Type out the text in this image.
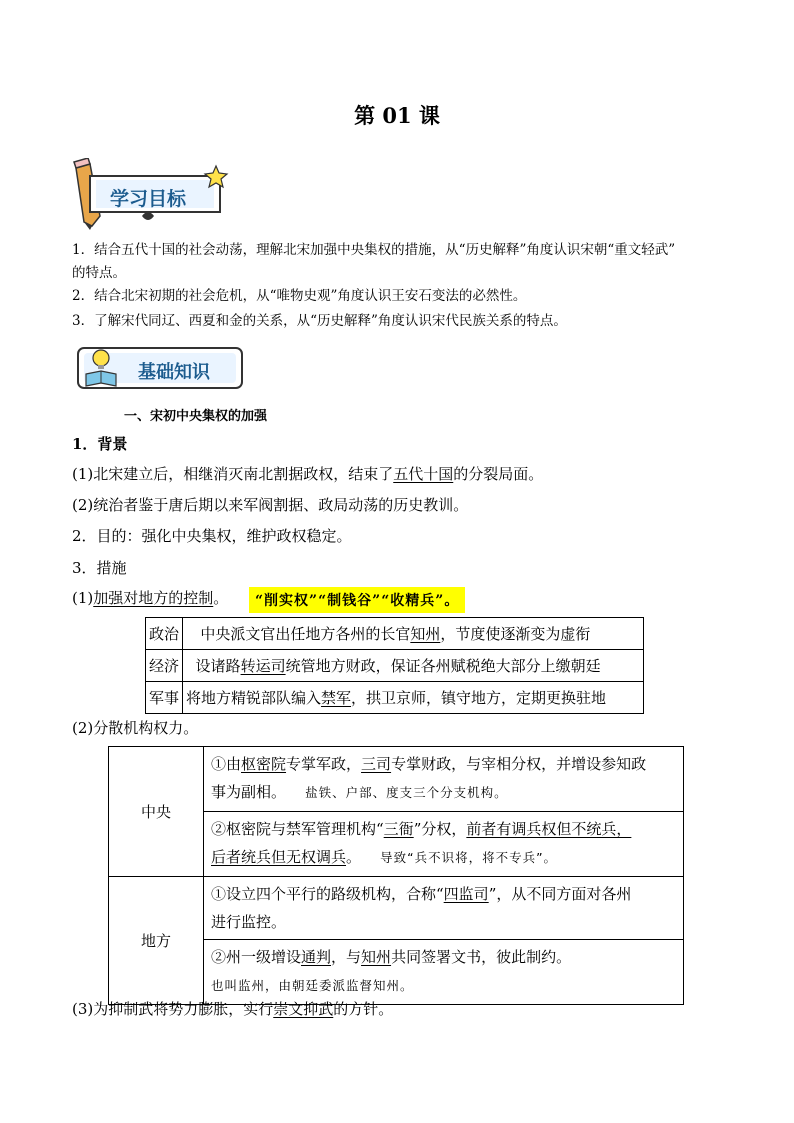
第 01 课
学习目标
1．结合五代十国的社会动荡，理解北宋加强中央集权的措施，从“历史解释”角度认识宋朝“重文轻武”
的特点。
2．结合北宋初期的社会危机，从“唯物史观”角度认识王安石变法的必然性。
3．了解宋代同辽、西夏和金的关系，从“历史解释”角度认识宋代民族关系的特点。
基础知识
一、宋初中央集权的加强
1．背景
(1)北宋建立后，相继消灭南北割据政权，结束了五代十国的分裂局面。
(2)统治者鉴于唐后期以来军阀割据、政局动荡的历史教训。
2．目的：强化中央集权，维护政权稳定。
3．措施
(1)加强对地方的控制。	“削实权”“制钱谷”“收精兵”。
政治	中央派文官出任地方各州的长官知州，节度使逐渐变为虚衔
经济	设诸路转运司统管地方财政，保证各州赋税绝大部分上缴朝廷
军事	将地方精锐部队编入禁军，拱卫京师，镇守地方，定期更换驻地
(2)分散机构权力。
中央	①由枢密院专掌军政，三司专掌财政，与宰相分权，并增设参知政
事为副相。 盐铁、户部、度支三个分支机构。

	②枢密院与禁军管理机构“三衙”分权，前者有调兵权但不统兵，
后者统兵但无权调兵。 导致“兵不识将，将不专兵”。

地方	①设立四个平行的路级机构，合称“四监司”，从不同方面对各州
进行监控。

	②州一级增设通判，与知州共同签署文书，彼此制约。
也叫监州，由朝廷委派监督知州。
(3)为抑制武将势力膨胀，实行崇文抑武的方针。
